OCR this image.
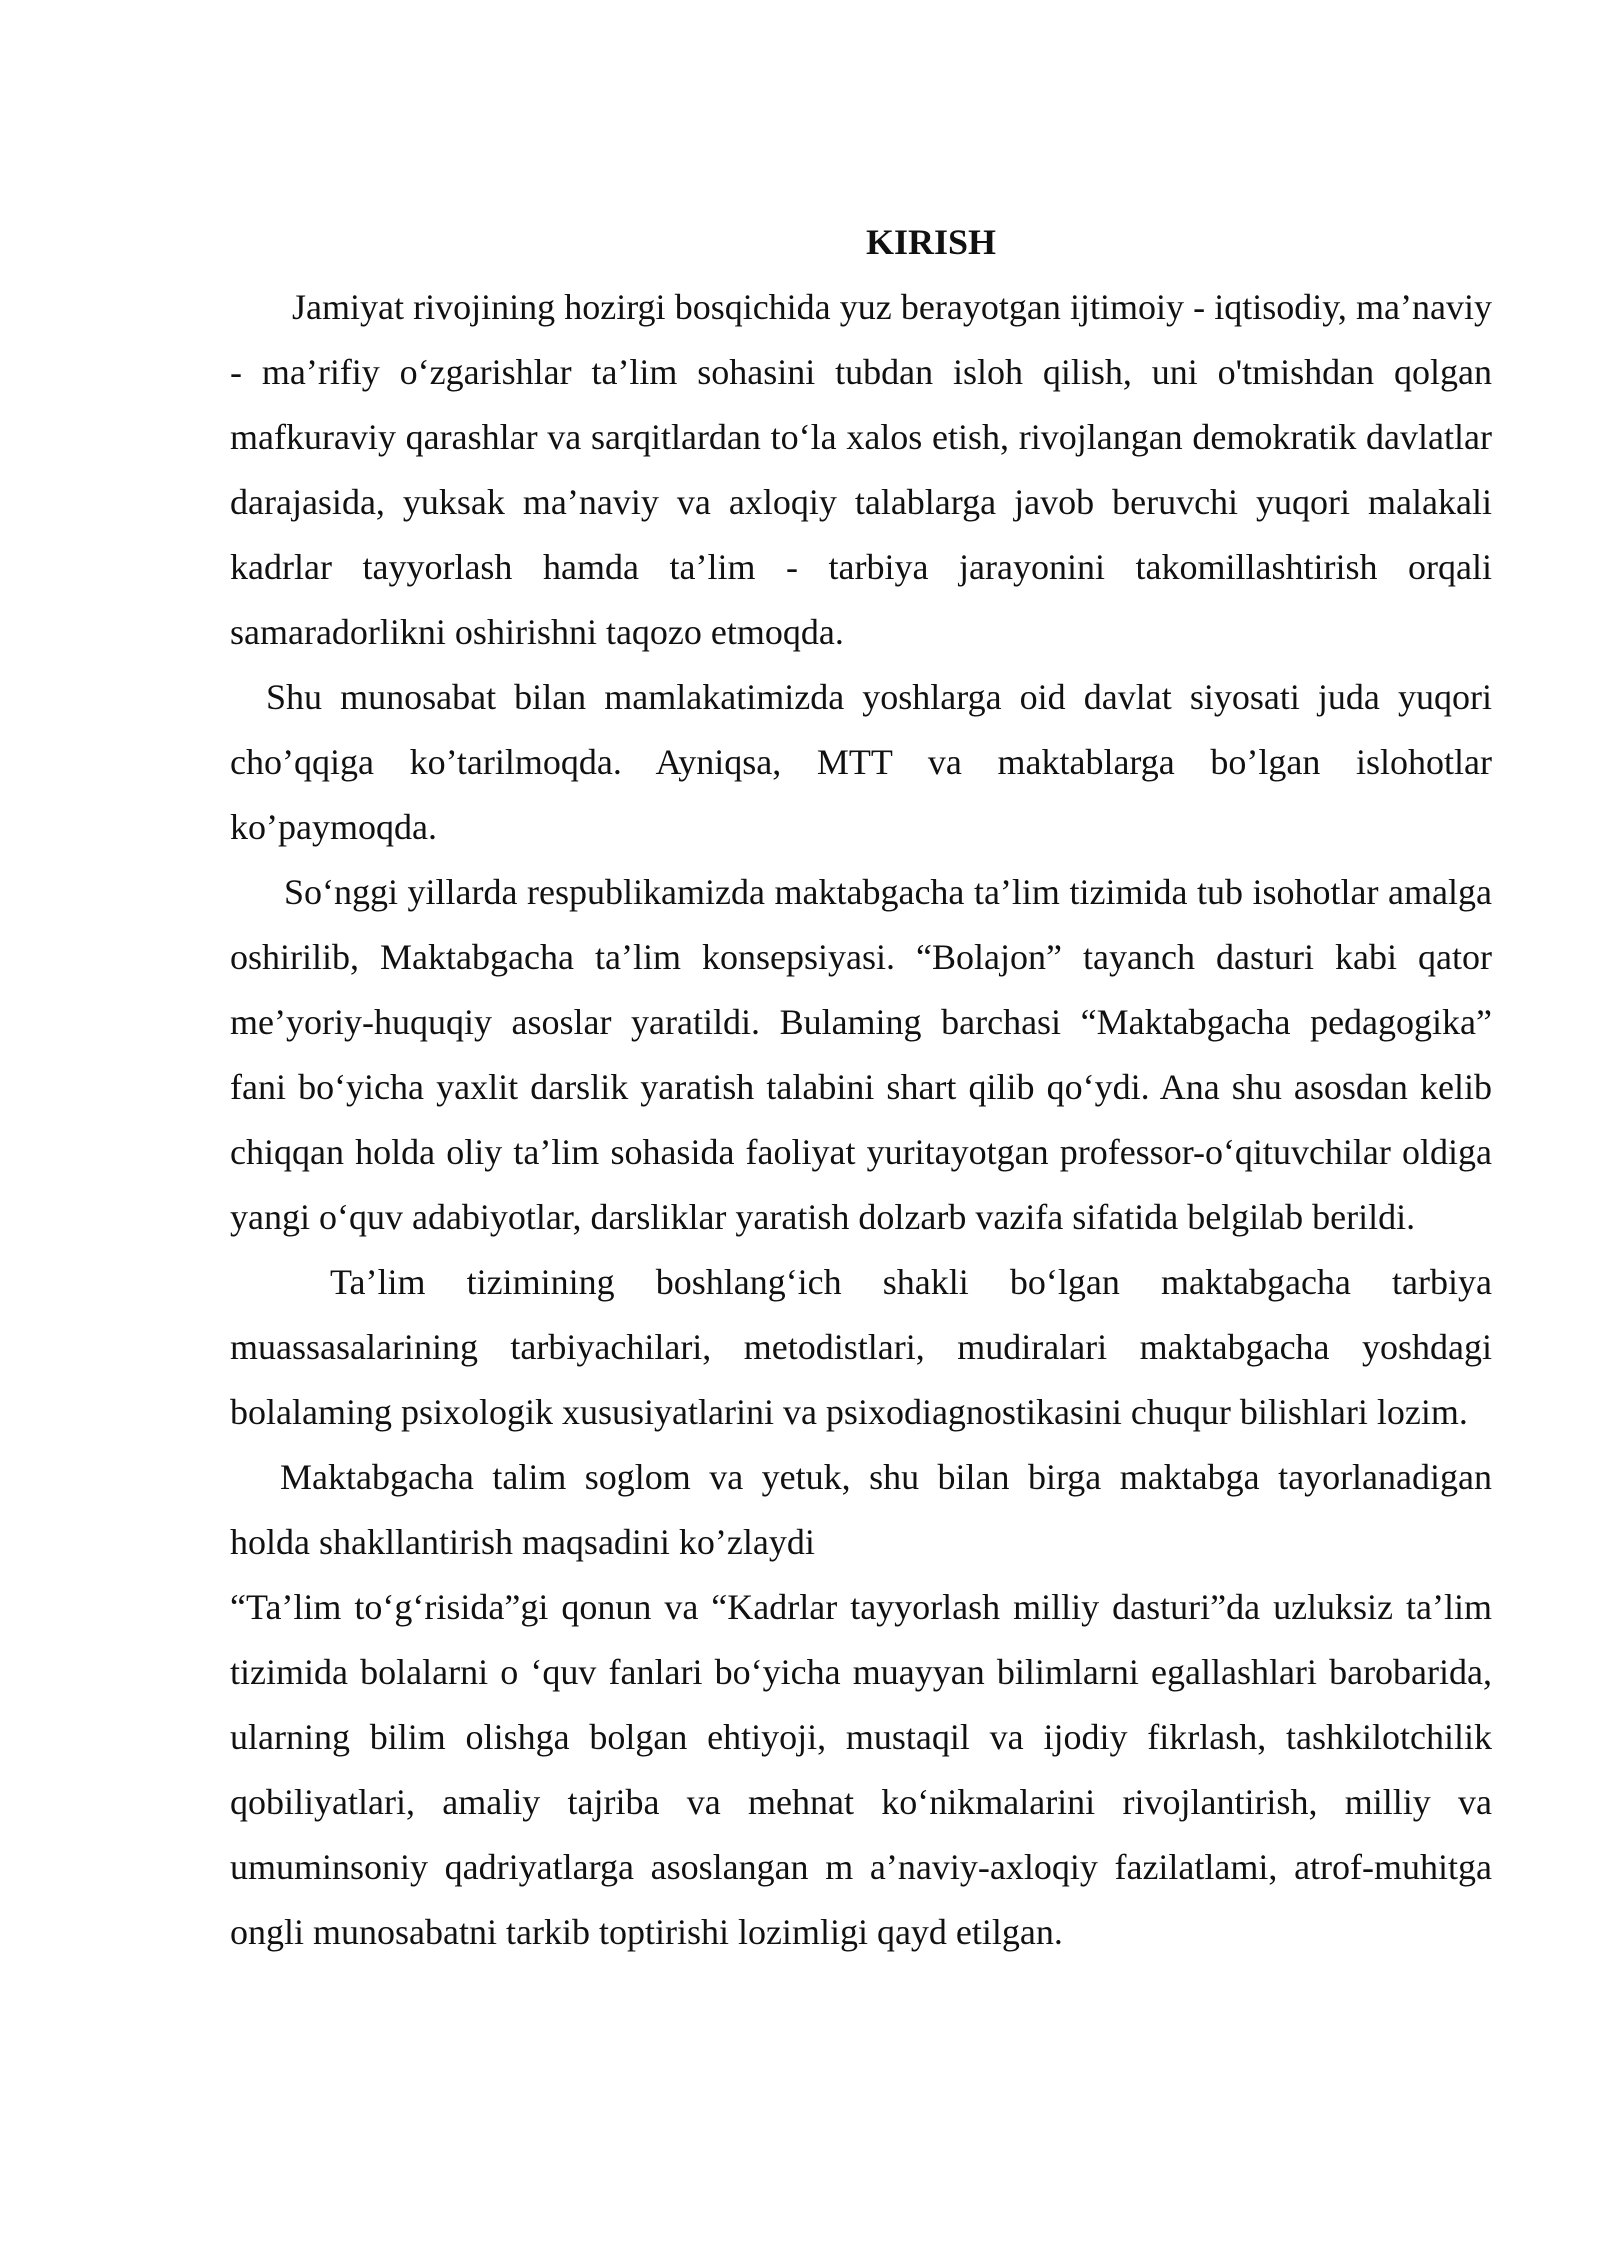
KIRISH

Jamiyat rivojining hozirgi bosqichida yuz berayotgan ijtimoiy - iqtisodiy, ma’naviy - ma’rifiy o‘zgarishlar ta’lim sohasini tubdan isloh qilish, uni o'tmishdan qolgan mafkuraviy qarashlar va sarqitlardan to‘la xalos etish, rivojlangan demokratik davlatlar darajasida, yuksak ma’naviy va axloqiy talablarga javob beruvchi yuqori malakali kadrlar tayyorlash hamda ta’lim - tarbiya jarayonini takomillashtirish orqali samaradorlikni oshirishni taqozo etmoqda.

Shu munosabat bilan mamlakatimizda yoshlarga oid davlat siyosati juda yuqori cho’qqiga ko’tarilmoqda. Ayniqsa, MTT va maktablarga bo’lgan islohotlar ko’paymoqda.

So‘nggi yillarda respublikamizda maktabgacha ta’lim tizimida tub isohotlar amalga oshirilib, Maktabgacha ta’lim konsepsiyasi. “Bolajon” tayanch dasturi kabi qator me’yoriy-huquqiy asoslar yaratildi. Bulaming barchasi “Maktabgacha pedagogika” fani bo‘yicha yaxlit darslik yaratish talabini shart qilib qo‘ydi. Ana shu asosdan kelib chiqqan holda oliy ta’lim sohasida faoliyat yuritayotgan professor-o‘qituvchilar oldiga yangi o‘quv adabiyotlar, darsliklar yaratish dolzarb vazifa sifatida belgilab berildi.

Ta’lim tizimining boshlang‘ich shakli bo‘lgan maktabgacha tarbiya muassasalarining tarbiyachilari, metodistlari, mudiralari maktabgacha yoshdagi bolalaming psixologik xususiyatlarini va psixodiagnostikasini chuqur bilishlari lozim.

Maktabgacha talim soglom va yetuk, shu bilan birga maktabga tayorlanadigan holda shakllantirish maqsadini ko’zlaydi

“Ta’lim to‘g‘risida”gi qonun va “Kadrlar tayyorlash milliy dasturi”da uzluksiz ta’lim tizimida bolalarni o ‘quv fanlari bo‘yicha muayyan bilimlarni egallashlari barobarida, ularning bilim olishga bolgan ehtiyoji, mustaqil va ijodiy fikrlash, tashkilotchilik qobiliyatlari, amaliy tajriba va mehnat ko‘nikmalarini rivojlantirish, milliy va umuminsoniy qadriyatlarga asoslangan m a’naviy-axloqiy fazilatlami, atrof-muhitga ongli munosabatni tarkib toptirishi lozimligi qayd etilgan.
